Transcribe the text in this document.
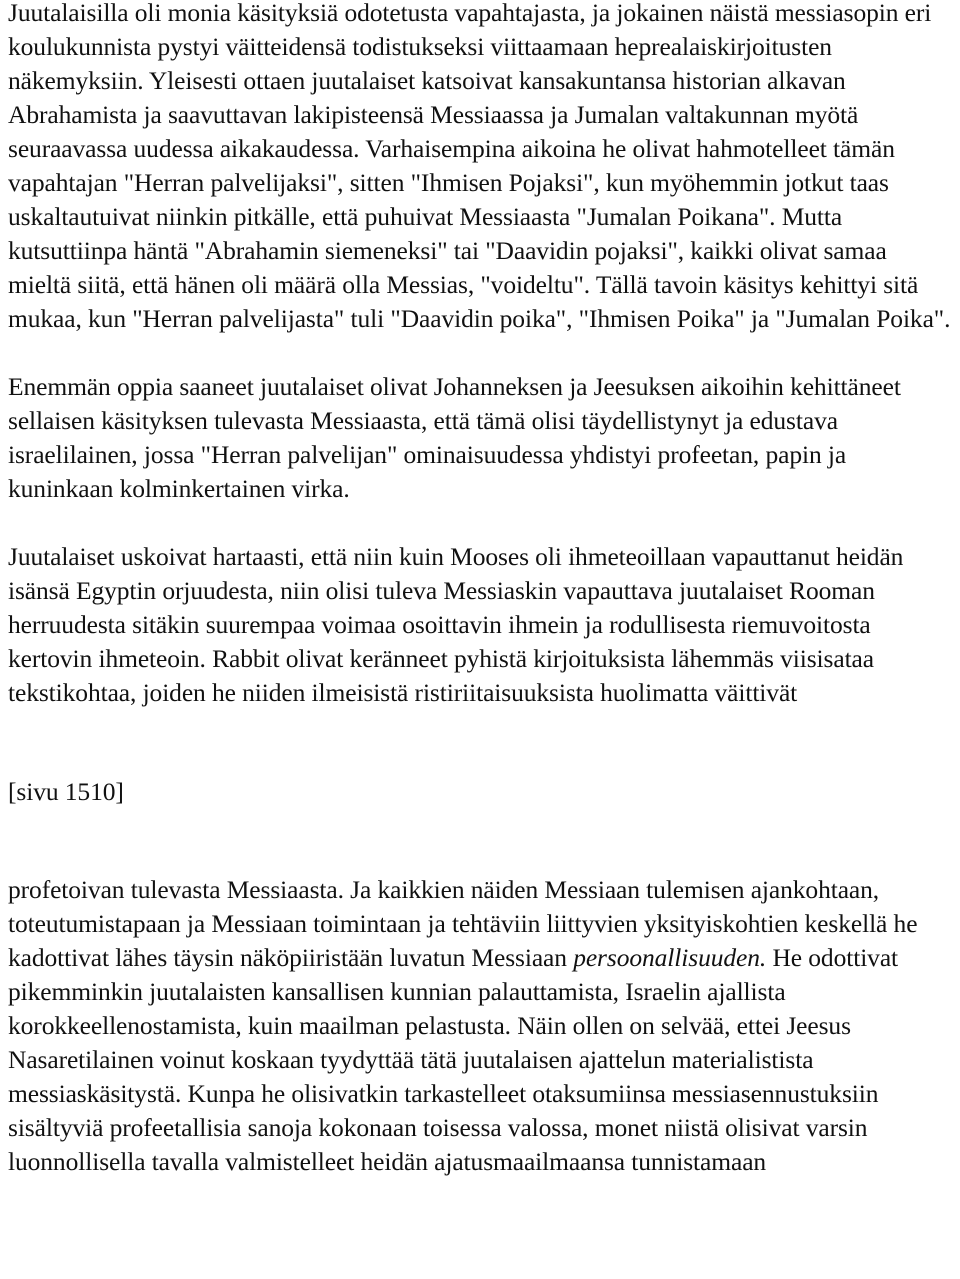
Juutalaisilla oli monia käsityksiä odotetusta vapahtajasta, ja jokainen näistä messiasopin eri koulukunnista pystyi väitteidensä todistukseksi viittaamaan heprealaiskirjoitusten näkemyksiin. Yleisesti ottaen juutalaiset katsoivat kansakuntansa historian alkavan Abrahamista ja saavuttavan lakipisteensä Messiaassa ja Jumalan valtakunnan myötä seuraavassa uudessa aikakaudessa. Varhaisempina aikoina he olivat hahmotelleet tämän vapahtajan "Herran palvelijaksi", sitten "Ihmisen Pojaksi", kun myöhemmin jotkut taas uskaltautuivat niinkin pitkälle, että puhuivat Messiaasta "Jumalan Poikana". Mutta kutsuttiinpa häntä "Abrahamin siemeneksi" tai "Daavidin pojaksi", kaikki olivat samaa mieltä siitä, että hänen oli määrä olla Messias, "voideltu". Tällä tavoin käsitys kehittyi sitä mukaa, kun "Herran palvelijasta" tuli "Daavidin poika", "Ihmisen Poika" ja "Jumalan Poika".

Enemmän oppia saaneet juutalaiset olivat Johanneksen ja Jeesuksen aikoihin kehittäneet sellaisen käsityksen tulevasta Messiaasta, että tämä olisi täydellistynyt ja edustava israelilainen, jossa "Herran palvelijan" ominaisuudessa yhdistyi profeetan, papin ja kuninkaan kolminkertainen virka.

Juutalaiset uskoivat hartaasti, että niin kuin Mooses oli ihmeteoillaan vapauttanut heidän isänsä Egyptin orjuudesta, niin olisi tuleva Messiaskin vapauttava juutalaiset Rooman herruudesta sitäkin suurempaa voimaa osoittavin ihmein ja rodullisesta riemuvoitosta kertovin ihmeteoin. Rabbit olivat keränneet pyhistä kirjoituksista lähemmäs viisisataa tekstikohtaa, joiden he niiden ilmeisistä ristiriitaisuuksista huolimatta väittivät

[sivu 1510]

profetoivan tulevasta Messiaasta. Ja kaikkien näiden Messiaan tulemisen ajankohtaan, toteutumistapaan ja Messiaan toimintaan ja tehtäviin liittyvien yksityiskohtien keskellä he kadottivat lähes täysin näköpiiristään luvatun Messiaan persoonallisuuden. He odottivat pikemminkin juutalaisten kansallisen kunnian palauttamista, Israelin ajallista korokkeellenostamista, kuin maailman pelastusta. Näin ollen on selvää, ettei Jeesus Nasaretilainen voinut koskaan tyydyttää tätä juutalaisen ajattelun materialistista messiaskäsitystä. Kunpa he olisivatkin tarkastelleet otaksumiinsa messiasennustuksiin sisältyviä profeetallisia sanoja kokonaan toisessa valossa, monet niistä olisivat varsin luonnollisella tavalla valmistelleet heidän ajatusmaailmaansa tunnistamaan
